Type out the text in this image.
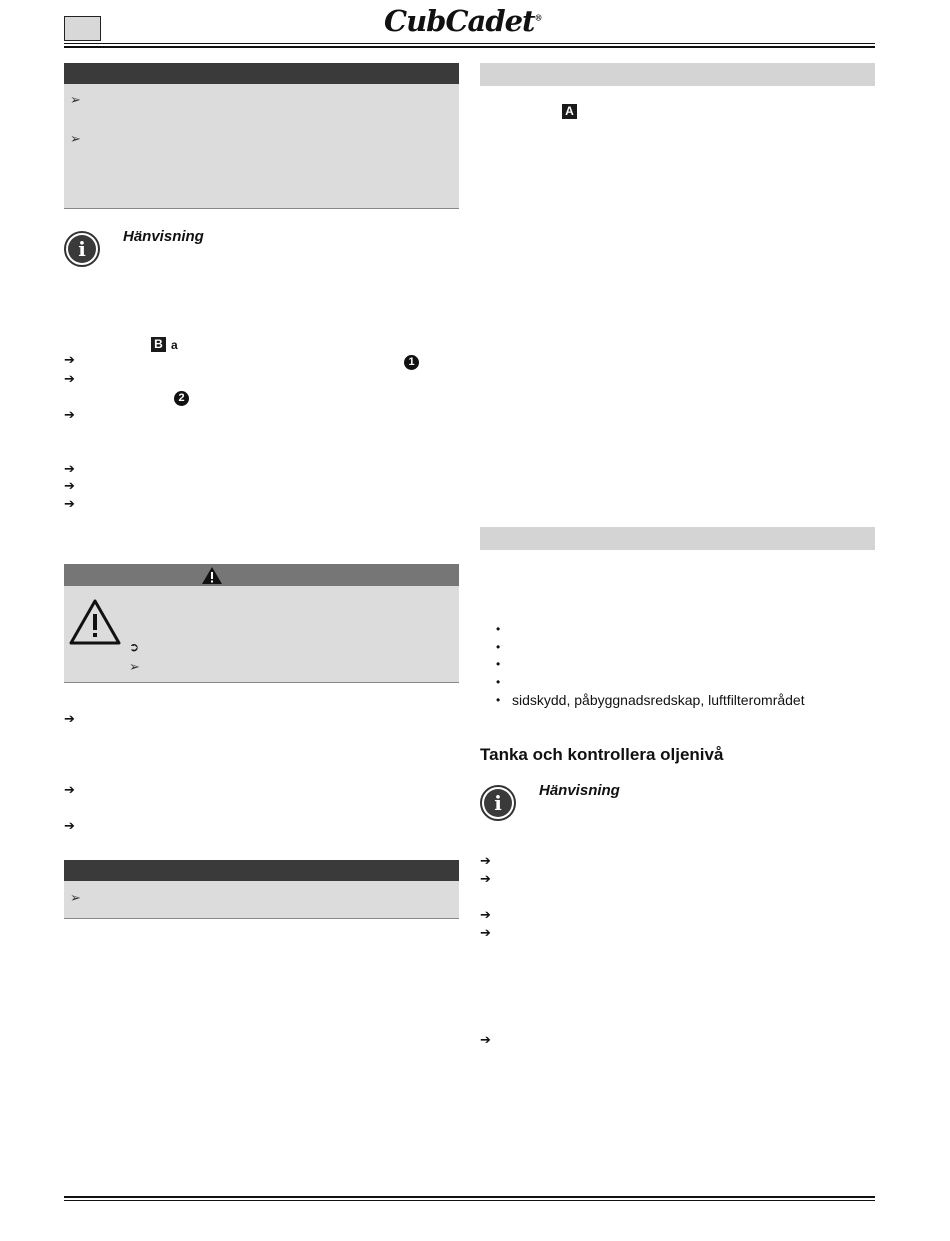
CubCadet®
➢
➢
i
Hänvisning
B a
➔	1
➔
2
➔
➔
➔
➔
➲
➢
➔
➔
➔
➢
A
•
•
•
•
• sidskydd, påbyggnadsredskap, luftfilterområdet
Tanka och kontrollera oljenivå
i
Hänvisning
➔
➔
➔
➔
➔
